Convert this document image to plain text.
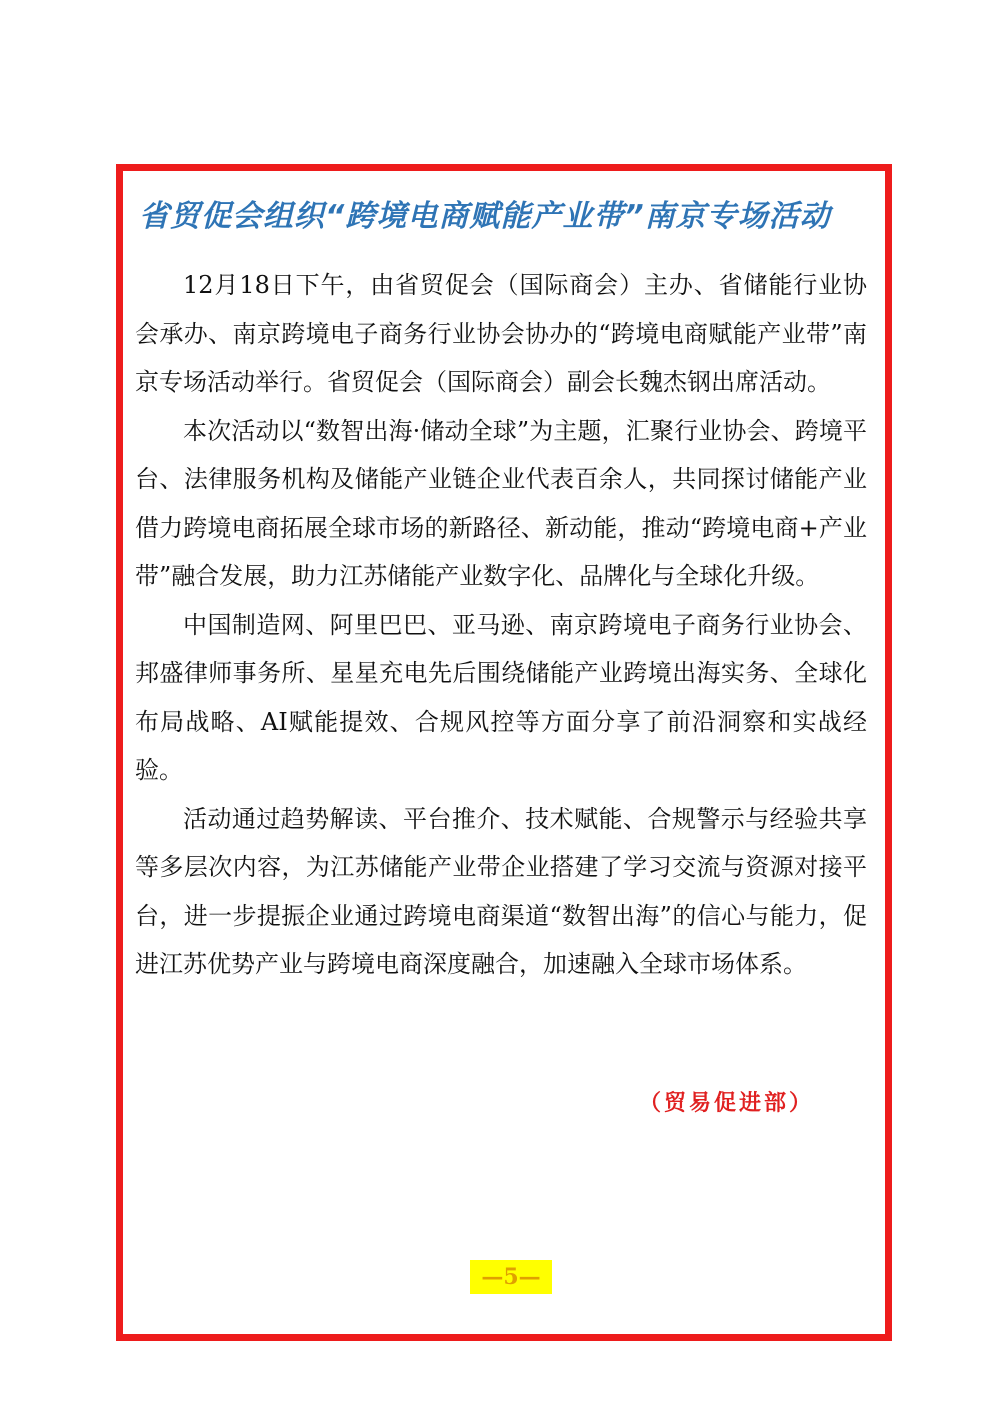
省贸促会组织“跨境电商赋能产业带”南京专场活动

12月18日下午，由省贸促会（国际商会）主办、省储能行业协会承办、南京跨境电子商务行业协会协办的“跨境电商赋能产业带”南京专场活动举行。省贸促会（国际商会）副会长魏杰钢出席活动。

本次活动以“数智出海·储动全球”为主题，汇聚行业协会、跨境平台、法律服务机构及储能产业链企业代表百余人，共同探讨储能产业借力跨境电商拓展全球市场的新路径、新动能，推动“跨境电商+产业带”融合发展，助力江苏储能产业数字化、品牌化与全球化升级。

中国制造网、阿里巴巴、亚马逊、南京跨境电子商务行业协会、邦盛律师事务所、星星充电先后围绕储能产业跨境出海实务、全球化布局战略、AI赋能提效、合规风控等方面分享了前沿洞察和实战经验。

活动通过趋势解读、平台推介、技术赋能、合规警示与经验共享等多层次内容，为江苏储能产业带企业搭建了学习交流与资源对接平台，进一步提振企业通过跨境电商渠道“数智出海”的信心与能力，促进江苏优势产业与跨境电商深度融合，加速融入全球市场体系。

（贸易促进部）
—5—
